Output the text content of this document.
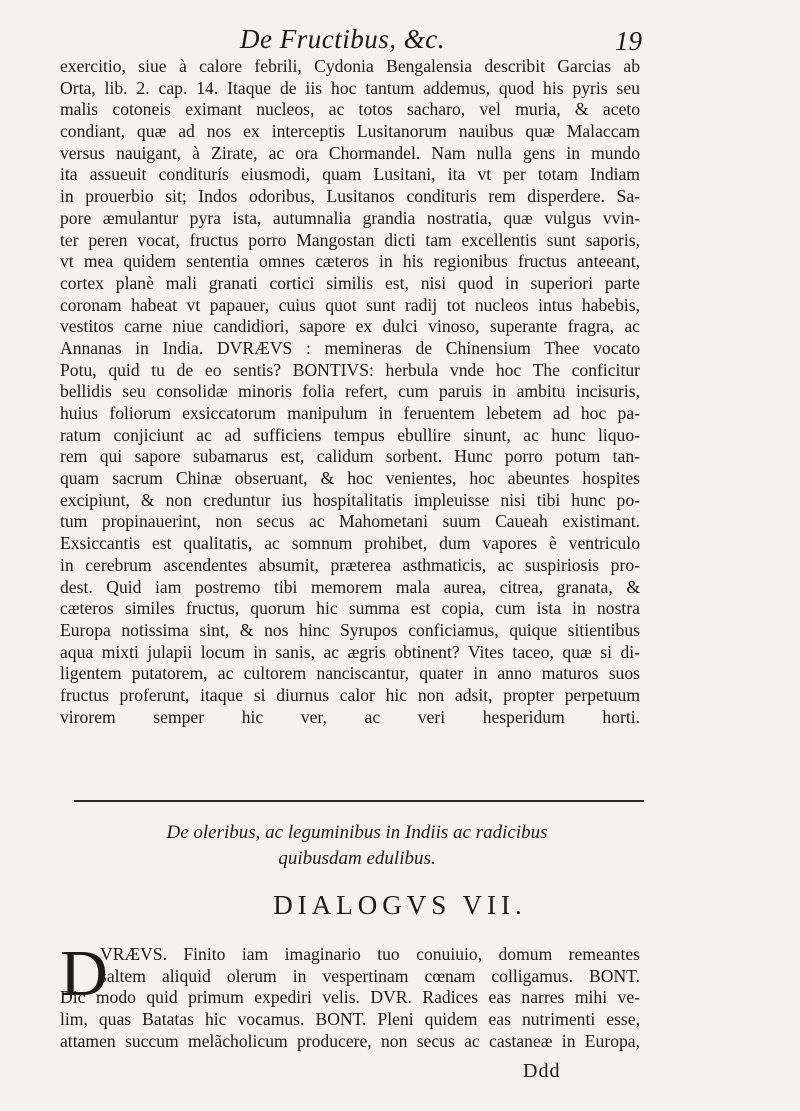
De Fructibus, &c.	19
exercitio, siue à calore febrili, Cydonia Bengalensia describit Garcias ab
Orta, lib. 2. cap. 14. Itaque de iis hoc tantum addemus, quod his pyris seu
malis cotoneis eximant nucleos, ac totos sacharo, vel muria, & aceto
condiant, quæ ad nos ex interceptis Lusitanorum nauibus quæ Malaccam
versus nauigant, à Zirate, ac ora Chormandel. Nam nulla gens in mundo
ita assueuit conditurís eiusmodi, quam Lusitani, ita vt per totam Indiam
in prouerbio sit; Indos odoribus, Lusitanos condituris rem disperdere. Sa-
pore æmulantur pyra ista, autumnalia grandia nostratia, quæ vulgus vvin-
ter peren vocat, fructus porro Mangostan dicti tam excellentis sunt saporis,
vt mea quidem sententia omnes cæteros in his regionibus fructus anteeant,
cortex planè mali granati cortici similis est, nisi quod in superiori parte
coronam habeat vt papauer, cuius quot sunt radij tot nucleos intus habebis,
vestitos carne niue candidiori, sapore ex dulci vinoso, superante fragra, ac
Annanas in India. DVRÆVS : memineras de Chinensium Thee vocato
Potu, quid tu de eo sentis? BONTIVS: herbula vnde hoc The conficitur
bellidis seu consolidæ minoris folia refert, cum paruis in ambitu incisuris,
huius foliorum exsiccatorum manipulum in feruentem lebetem ad hoc pa-
ratum conjiciunt ac ad sufficiens tempus ebullire sinunt, ac hunc liquo-
rem qui sapore subamarus est, calidum sorbent. Hunc porro potum tan-
quam sacrum Chinæ obseruant, & hoc venientes, hoc abeuntes hospites
excipiunt, & non creduntur ius hospitalitatis impleuisse nisi tibi hunc po-
tum propinauerint, non secus ac Mahometani suum Caueah existimant.
Exsiccantis est qualitatis, ac somnum prohibet, dum vapores è ventriculo
in cerebrum ascendentes absumit, præterea asthmaticis, ac suspiriosis pro-
dest. Quid iam postremo tibi memorem mala aurea, citrea, granata, &
cæteros similes fructus, quorum hic summa est copia, cum ista in nostra
Europa notissima sint, & nos hinc Syrupos conficiamus, quique sitientibus
aqua mixti julapii locum in sanis, ac ægris obtinent? Vites taceo, quæ si di-
ligentem putatorem, ac cultorem nanciscantur, quater in anno maturos suos
fructus proferunt, itaque si diurnus calor hic non adsit, propter perpetuum
virorem semper hic ver, ac veri hesperidum horti.
De oleribus, ac leguminibus in Indiis ac radicibus
quibusdam edulibus.
DIALOGVS VII.
D
VRÆVS. Finito iam imaginario tuo conuiuio, domum remeantes
saltem aliquid olerum in vespertinam cœnam colligamus. BONT.
Dic modo quid primum expediri velis. DVR. Radices eas narres mihi ve-
lim, quas Batatas hic vocamus. BONT. Pleni quidem eas nutrimenti esse,
attamen succum melãcholicum producere, non secus ac castaneæ in Europa,
Ddd
